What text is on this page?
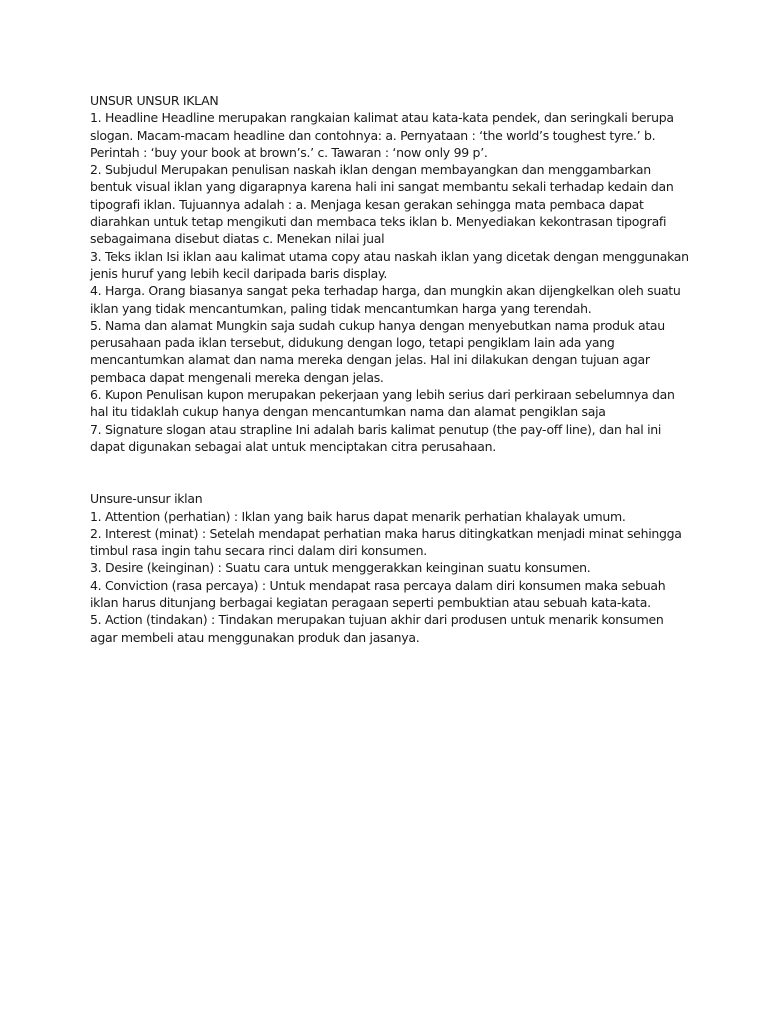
UNSUR UNSUR IKLAN

1. Headline Headline merupakan rangkaian kalimat atau kata-kata pendek, dan seringkali berupa slogan. Macam-macam headline dan contohnya: a. Pernyataan : ‘the world’s toughest tyre.’ b. Perintah : ‘buy your book at brown’s.’ c. Tawaran : ‘now only 99 p’.

2. Subjudul Merupakan penulisan naskah iklan dengan membayangkan dan menggambarkan bentuk visual iklan yang digarapnya karena hali ini sangat membantu sekali terhadap kedain dan tipografi iklan. Tujuannya adalah : a. Menjaga kesan gerakan sehingga mata pembaca dapat diarahkan untuk tetap mengikuti dan membaca teks iklan b. Menyediakan kekontrasan tipografi sebagaimana disebut diatas c. Menekan nilai jual

3. Teks iklan Isi iklan aau kalimat utama copy atau naskah iklan yang dicetak dengan menggunakan jenis huruf yang lebih kecil daripada baris display.

4. Harga. Orang biasanya sangat peka terhadap harga, dan mungkin akan dijengkelkan oleh suatu iklan yang tidak mencantumkan, paling tidak mencantumkan harga yang terendah.

5. Nama dan alamat Mungkin saja sudah cukup hanya dengan menyebutkan nama produk atau perusahaan pada iklan tersebut, didukung dengan logo, tetapi pengiklam lain ada yang mencantumkan alamat dan nama mereka dengan jelas. Hal ini dilakukan dengan tujuan agar pembaca dapat mengenali mereka dengan jelas.

6. Kupon Penulisan kupon merupakan pekerjaan yang lebih serius dari perkiraan sebelumnya dan hal itu tidaklah cukup hanya dengan mencantumkan nama dan alamat pengiklan saja

7. Signature slogan atau strapline Ini adalah baris kalimat penutup (the pay-off line), dan hal ini dapat digunakan sebagai alat untuk menciptakan citra perusahaan.

Unsure-unsur iklan

1. Attention (perhatian) : Iklan yang baik harus dapat menarik perhatian khalayak umum.

2. Interest (minat) : Setelah mendapat perhatian maka harus ditingkatkan menjadi minat sehingga timbul rasa ingin tahu secara rinci dalam diri konsumen.

3. Desire (keinginan) : Suatu cara untuk menggerakkan keinginan suatu konsumen.

4. Conviction (rasa percaya) : Untuk mendapat rasa percaya dalam diri konsumen maka sebuah iklan harus ditunjang berbagai kegiatan peragaan seperti pembuktian atau sebuah kata-kata.

5. Action (tindakan) : Tindakan merupakan tujuan akhir dari produsen untuk menarik konsumen agar membeli atau menggunakan produk dan jasanya.
